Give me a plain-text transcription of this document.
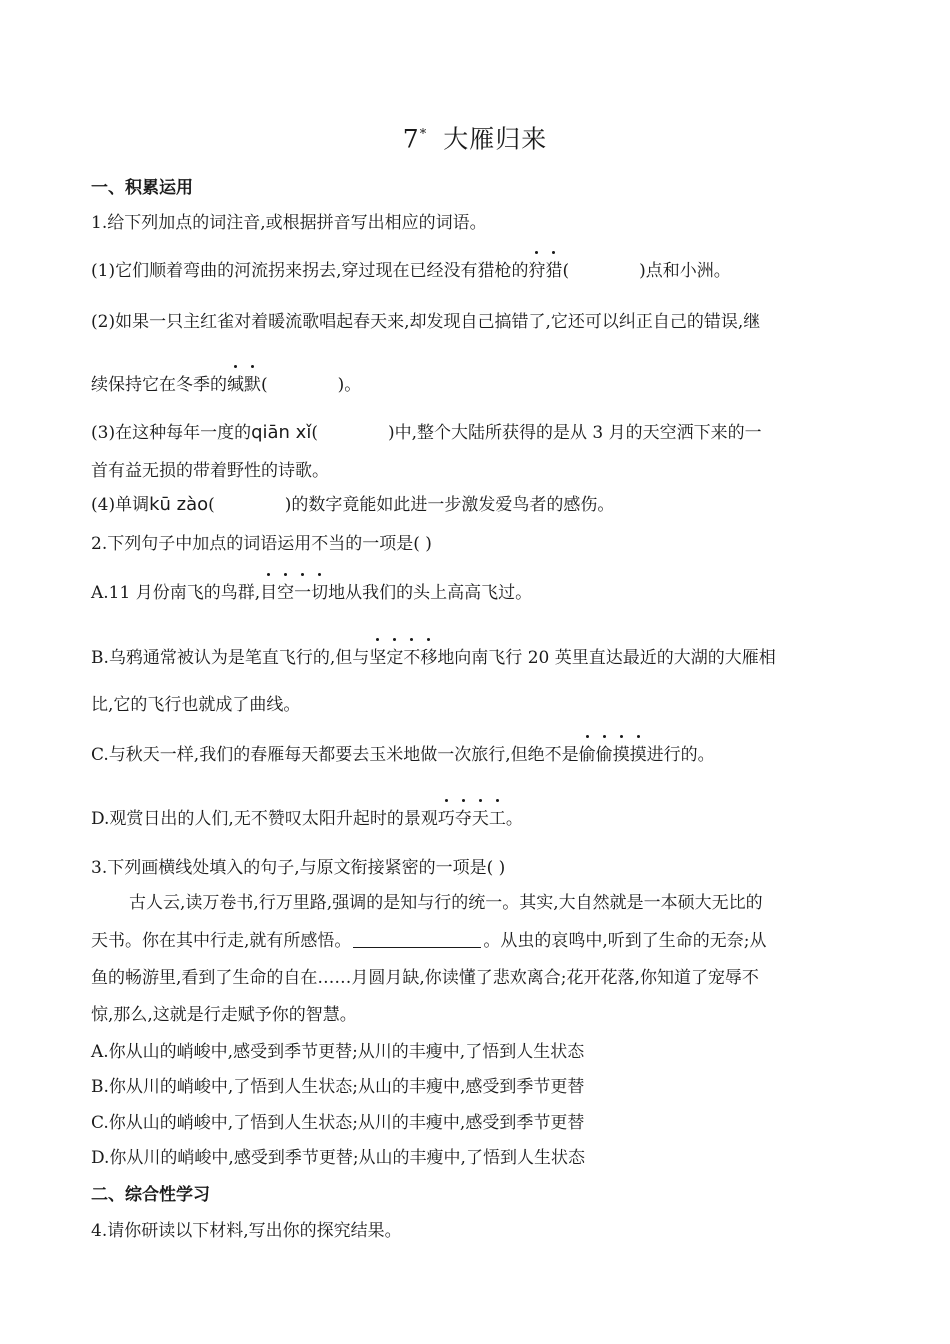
7* 大雁归来
一、积累运用
1.给下列加点的词注音,或根据拼音写出相应的词语。
(1)它们顺着弯曲的河流拐来拐去,穿过现在已经没有猎枪的狩猎(	)点和小洲。
(2)如果一只主红雀对着暖流歌唱起春天来,却发现自己搞错了,它还可以纠正自己的错误,继
续保持它在冬季的缄默(	)。
(3)在这种每年一度的qiān xǐ(	)中,整个大陆所获得的是从 3 月的天空洒下来的一
首有益无损的带着野性的诗歌。
(4)单调kū zào(	)的数字竟能如此进一步激发爱鸟者的感伤。
2.下列句子中加点的词语运用不当的一项是( )
A.11 月份南飞的鸟群,目空一切地从我们的头上高高飞过。
B.乌鸦通常被认为是笔直飞行的,但与坚定不移地向南飞行 20 英里直达最近的大湖的大雁相
比,它的飞行也就成了曲线。
C.与秋天一样,我们的春雁每天都要去玉米地做一次旅行,但绝不是偷偷摸摸进行的。
D.观赏日出的人们,无不赞叹太阳升起时的景观巧夺天工。
3.下列画横线处填入的句子,与原文衔接紧密的一项是( )
古人云,读万卷书,行万里路,强调的是知与行的统一。其实,大自然就是一本硕大无比的
天书。你在其中行走,就有所感悟。	。从虫的哀鸣中,听到了生命的无奈;从
鱼的畅游里,看到了生命的自在……月圆月缺,你读懂了悲欢离合;花开花落,你知道了宠辱不
惊,那么,这就是行走赋予你的智慧。
A.你从山的峭峻中,感受到季节更替;从川的丰瘦中,了悟到人生状态
B.你从川的峭峻中,了悟到人生状态;从山的丰瘦中,感受到季节更替
C.你从山的峭峻中,了悟到人生状态;从川的丰瘦中,感受到季节更替
D.你从川的峭峻中,感受到季节更替;从山的丰瘦中,了悟到人生状态
二、综合性学习
4.请你研读以下材料,写出你的探究结果。
